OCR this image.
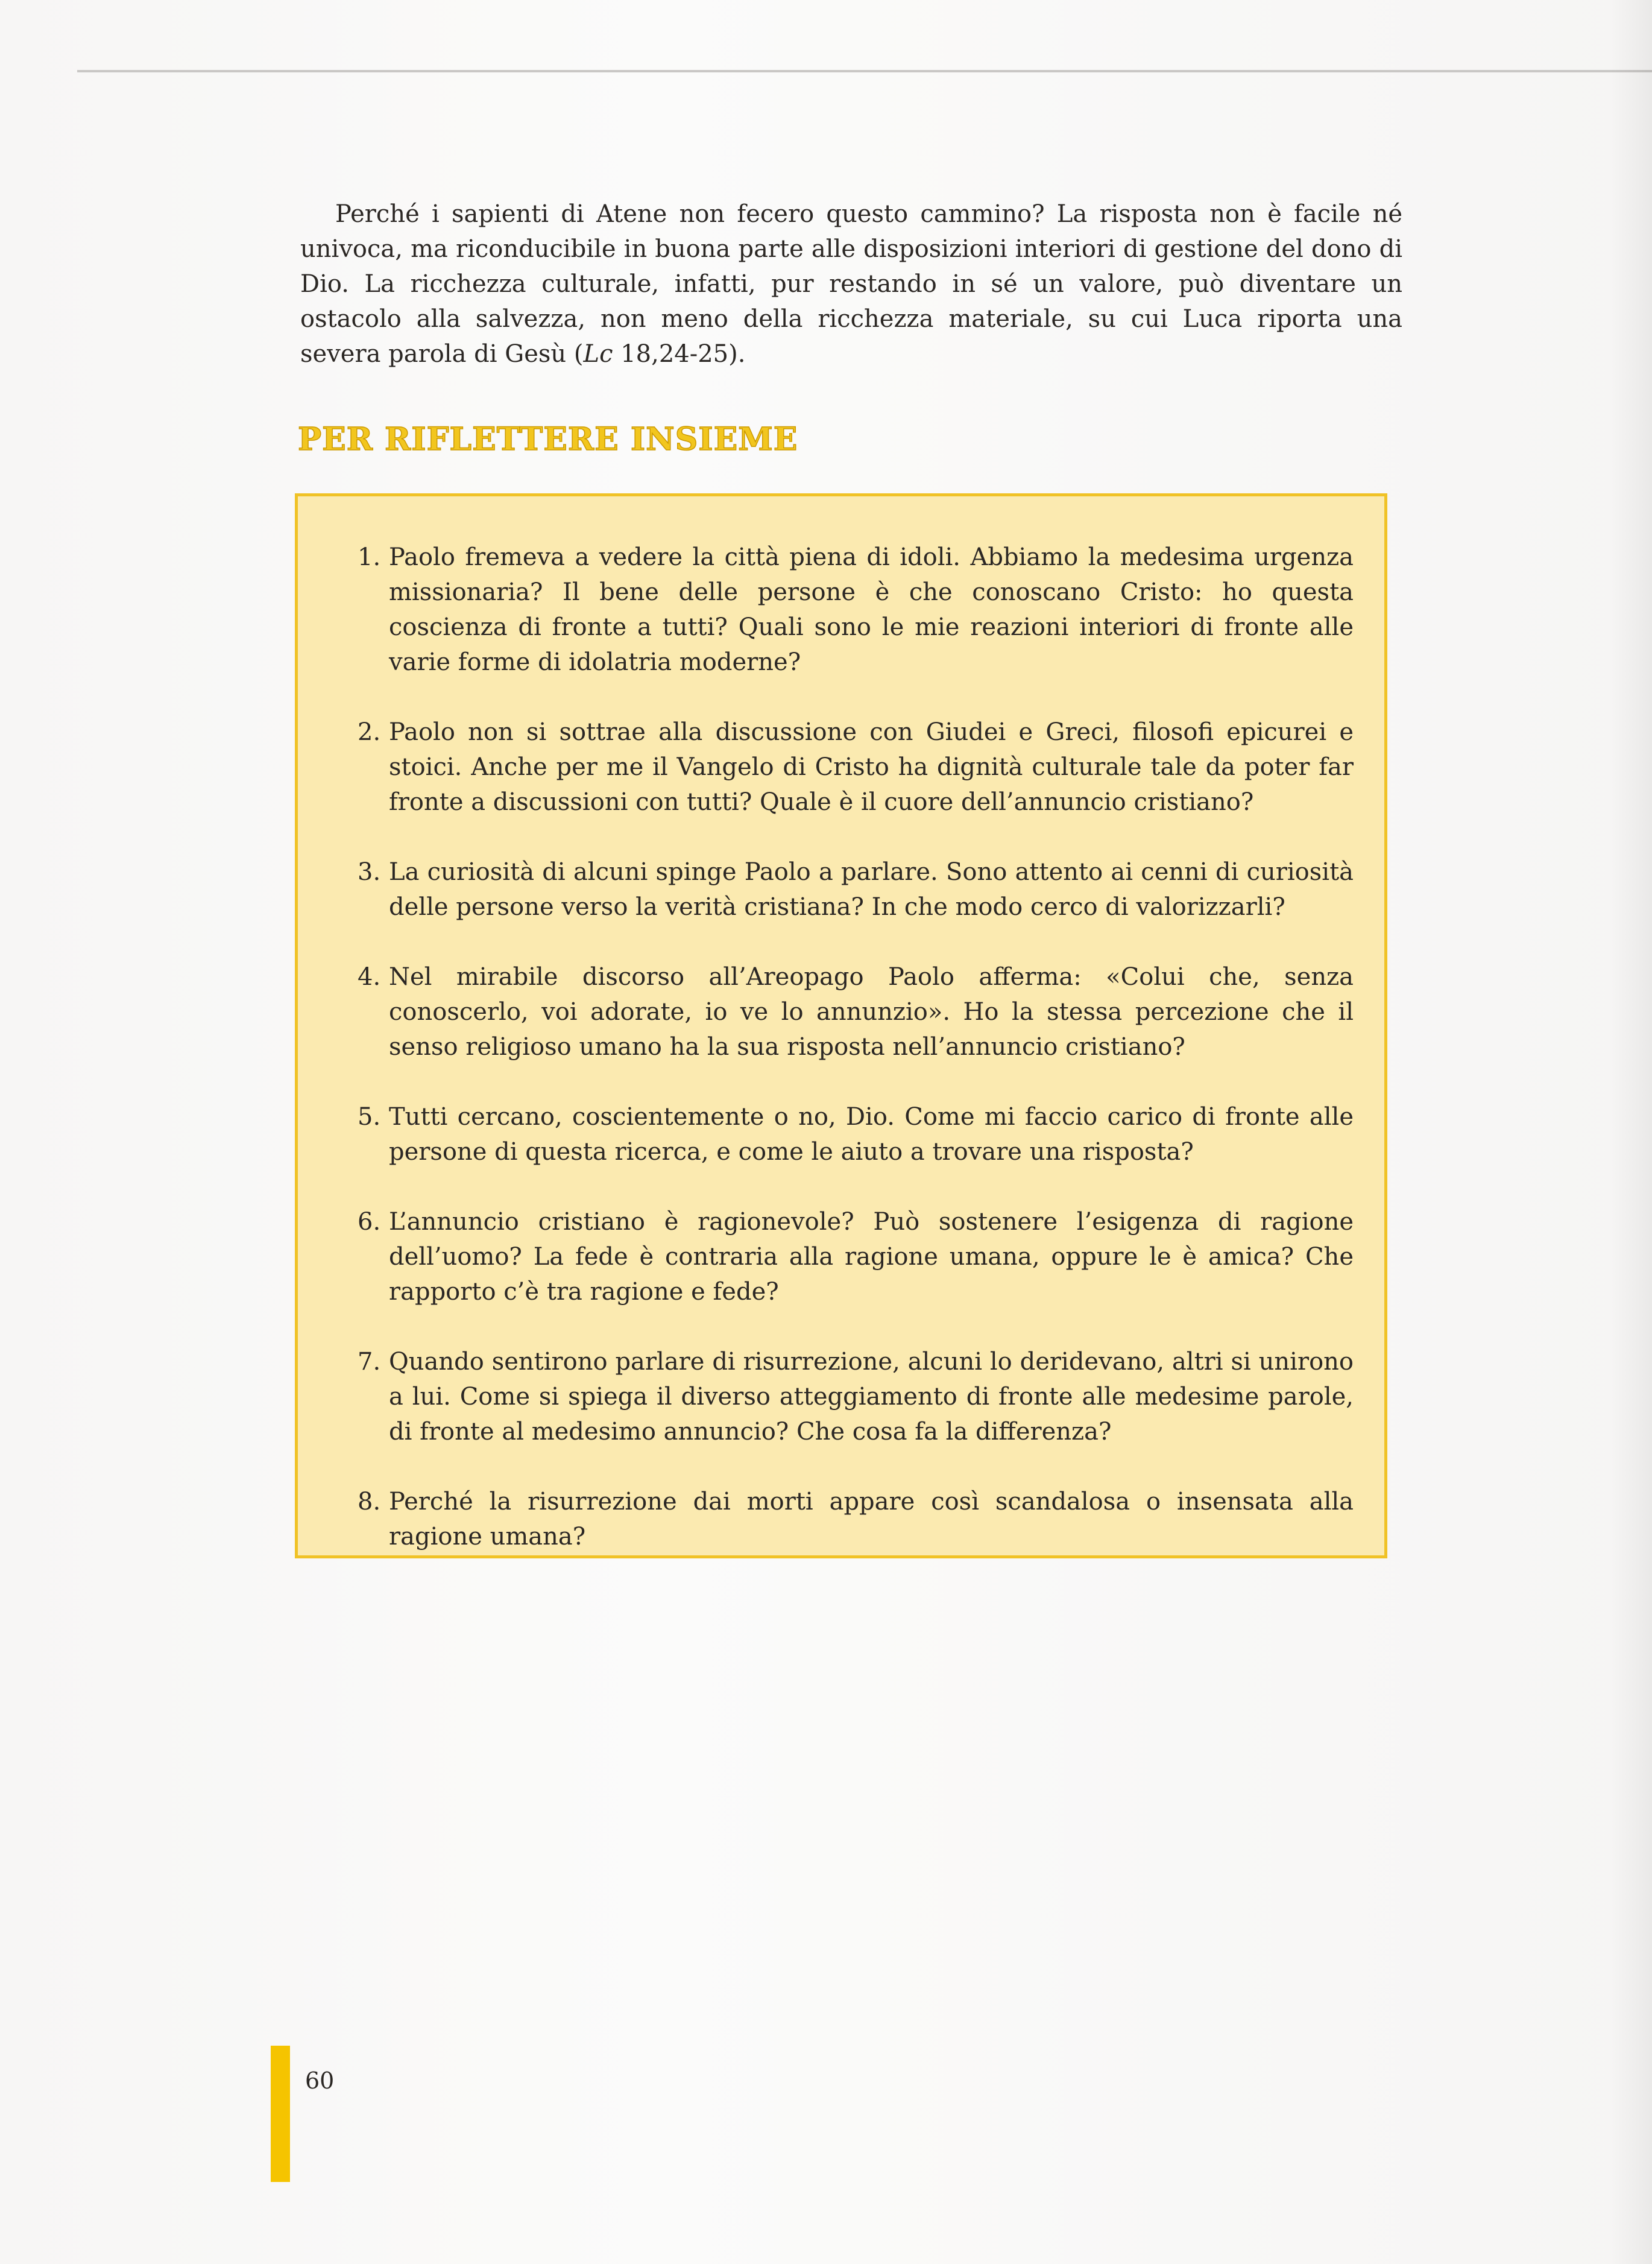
Perché i sapienti di Atene non fecero questo cammino? La risposta non è facile né univoca, ma riconducibile in buona parte alle disposizioni interiori di gestione del dono di Dio. La ricchezza culturale, infatti, pur restando in sé un valore, può diventare un ostacolo alla salvezza, non meno della ricchezza materiale, su cui Luca riporta una severa parola di Gesù (Lc 18,24-25).

PER RIFLETTERE INSIEME
1. Paolo fremeva a vedere la città piena di idoli. Abbiamo la medesima urgenza missionaria? Il bene delle persone è che conoscano Cristo: ho questa coscienza di fronte a tutti? Quali sono le mie reazioni interiori di fronte alle varie forme di idolatria moderne?
2. Paolo non si sottrae alla discussione con Giudei e Greci, filosofi epicurei e stoici. Anche per me il Vangelo di Cristo ha dignità culturale tale da poter far fronte a discussioni con tutti? Quale è il cuore dell’annuncio cristiano?
3. La curiosità di alcuni spinge Paolo a parlare. Sono attento ai cenni di curiosità delle persone verso la verità cristiana? In che modo cerco di valorizzarli?
4. Nel mirabile discorso all’Areopago Paolo afferma: «Colui che, senza conoscerlo, voi adorate, io ve lo annunzio». Ho la stessa percezione che il senso religioso umano ha la sua risposta nell’annuncio cristiano?
5. Tutti cercano, coscientemente o no, Dio. Come mi faccio carico di fronte alle persone di questa ricerca, e come le aiuto a trovare una risposta?
6. L’annuncio cristiano è ragionevole? Può sostenere l’esigenza di ragione dell’uomo? La fede è contraria alla ragione umana, oppure le è amica? Che rapporto c’è tra ragione e fede?
7. Quando sentirono parlare di risurrezione, alcuni lo deridevano, altri si unirono a lui. Come si spiega il diverso atteggiamento di fronte alle medesime parole, di fronte al medesimo annuncio? Che cosa fa la differenza?
8. Perché la risurrezione dai morti appare così scandalosa o insensata alla ragione umana?
60
